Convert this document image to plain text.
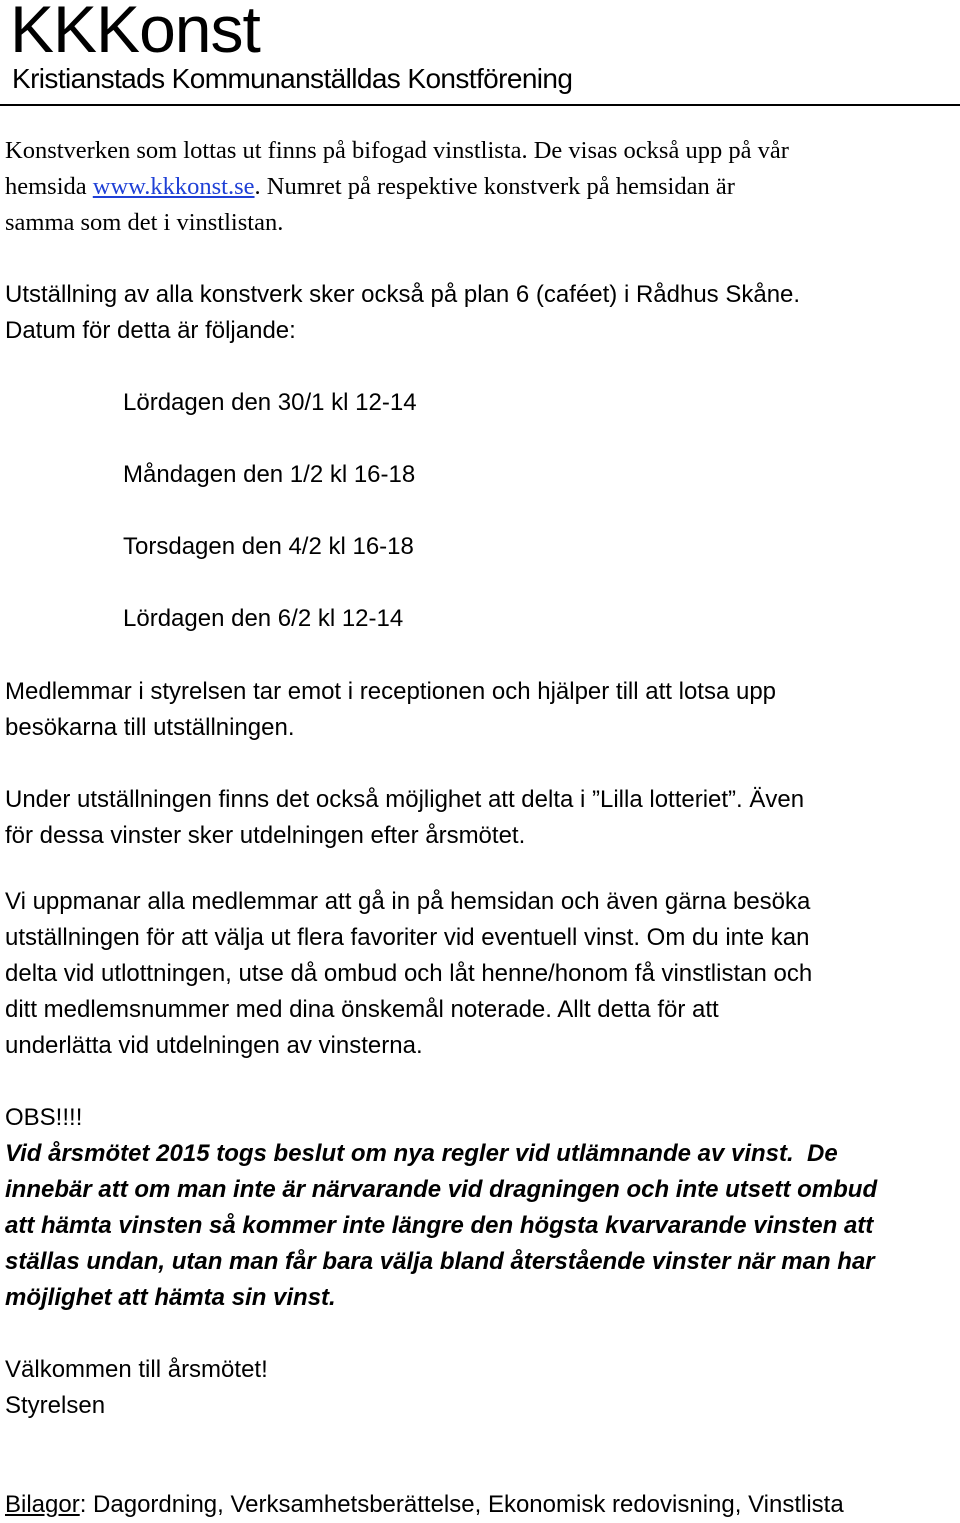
KKKonst
Kristianstads Kommunanställdas Konstförening
Konstverken som lottas ut finns på bifogad vinstlista. De visas också upp på vår
hemsida www.kkkonst.se. Numret på respektive konstverk på hemsidan är
samma som det i vinstlistan.
Utställning av alla konstverk sker också på plan 6 (caféet) i Rådhus Skåne.
Datum för detta är följande:
Lördagen den 30/1 kl 12-14
Måndagen den 1/2 kl 16-18
Torsdagen den 4/2 kl 16-18
Lördagen den 6/2 kl 12-14
Medlemmar i styrelsen tar emot i receptionen och hjälper till att lotsa upp
besökarna till utställningen.
Under utställningen finns det också möjlighet att delta i ”Lilla lotteriet”. Även
för dessa vinster sker utdelningen efter årsmötet.
Vi uppmanar alla medlemmar att gå in på hemsidan och även gärna besöka
utställningen för att välja ut flera favoriter vid eventuell vinst. Om du inte kan
delta vid utlottningen, utse då ombud och låt henne/honom få vinstlistan och
ditt medlemsnummer med dina önskemål noterade. Allt detta för att
underlätta vid utdelningen av vinsterna.
OBS!!!!
Vid årsmötet 2015 togs beslut om nya regler vid utlämnande av vinst.  De
innebär att om man inte är närvarande vid dragningen och inte utsett ombud
att hämta vinsten så kommer inte längre den högsta kvarvarande vinsten att
ställas undan, utan man får bara välja bland återstående vinster när man har
möjlighet att hämta sin vinst.
Välkommen till årsmötet!
Styrelsen
Bilagor: Dagordning, Verksamhetsberättelse, Ekonomisk redovisning, Vinstlista
